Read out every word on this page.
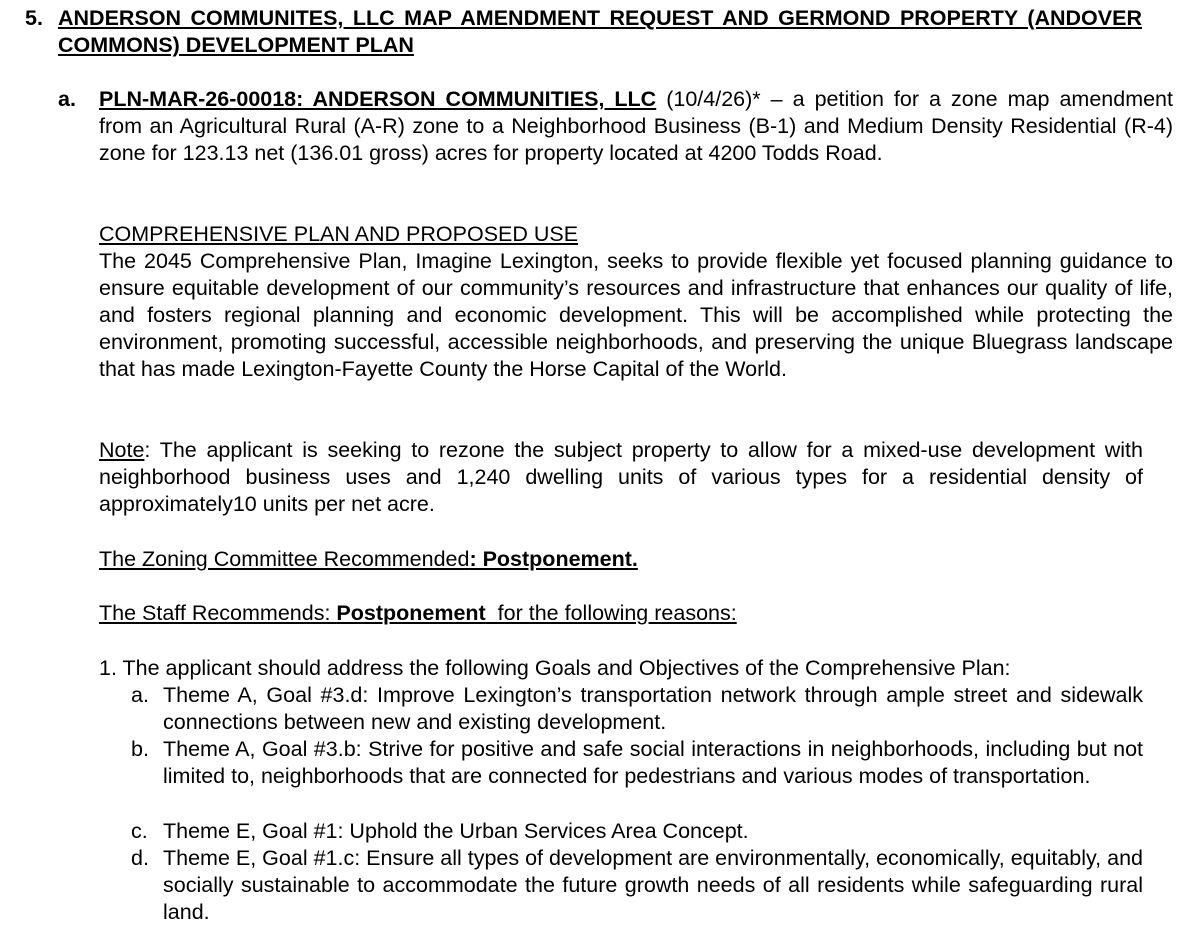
5. ANDERSON COMMUNITES, LLC MAP AMENDMENT REQUEST AND GERMOND PROPERTY (ANDOVER COMMONS) DEVELOPMENT PLAN
a. PLN-MAR-26-00018: ANDERSON COMMUNITIES, LLC (10/4/26)* – a petition for a zone map amendment from an Agricultural Rural (A-R) zone to a Neighborhood Business (B-1) and Medium Density Residential (R-4) zone for 123.13 net (136.01 gross) acres for property located at 4200 Todds Road.
COMPREHENSIVE PLAN AND PROPOSED USE
The 2045 Comprehensive Plan, Imagine Lexington, seeks to provide flexible yet focused planning guidance to ensure equitable development of our community’s resources and infrastructure that enhances our quality of life, and fosters regional planning and economic development. This will be accomplished while protecting the environment, promoting successful, accessible neighborhoods, and preserving the unique Bluegrass landscape that has made Lexington-Fayette County the Horse Capital of the World.
Note: The applicant is seeking to rezone the subject property to allow for a mixed-use development with neighborhood business uses and 1,240 dwelling units of various types for a residential density of approximately10 units per net acre.
The Zoning Committee Recommended: Postponement.
The Staff Recommends: Postponement  for the following reasons:
1. The applicant should address the following Goals and Objectives of the Comprehensive Plan:
a. Theme A, Goal #3.d: Improve Lexington’s transportation network through ample street and sidewalk connections between new and existing development.
b. Theme A, Goal #3.b: Strive for positive and safe social interactions in neighborhoods, including but not limited to, neighborhoods that are connected for pedestrians and various modes of transportation.
c. Theme E, Goal #1: Uphold the Urban Services Area Concept.
d. Theme E, Goal #1.c: Ensure all types of development are environmentally, economically, equitably, and socially sustainable to accommodate the future growth needs of all residents while safeguarding rural land.
